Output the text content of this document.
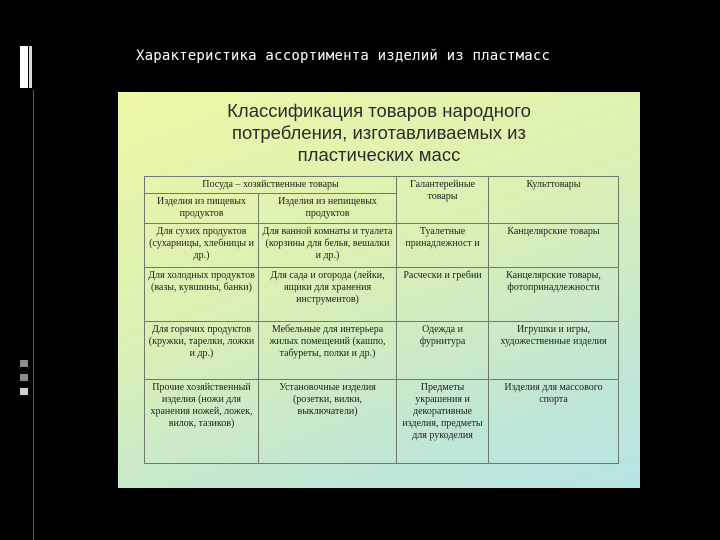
Характеристика ассортимента изделий из пластмасс
Классификация товаров народного
потребления, изготавливаемых из
пластических масс
Посуда – хозяйственные товары		Галантерейные товары	Культтовары
Изделия из пищевых продуктов	Изделия из непищевых продуктов		
Для сухих продуктов (сухарницы, хлебницы и др.)	Для ванной комнаты и туалета (корзины для белья, вешалки и др.)	Туалетные принадлежност и	Канцелярские товары
Для холодных продуктов (вазы, кувшины, банки)	Для сада и огорода (лейки, ящики для хранения инструментов)	Расчески и гребни	Канцелярские товары, фотопринадлежности
Для горячих продуктов (кружки, тарелки, ложки и др.)	Мебельные для интерьера жилых помещений (кашпо, табуреты, полки и др.)	Одежда и фурнитура	Игрушки и игры, художественные изделия
Прочие хозяйственный изделия (ножи для хранения ножей, ложек, вилок, тазиков)	Установочные изделия (розетки, вилки, выключатели)	Предметы украшения и декоративные изделия, предметы для рукоделия	Изделия для массового спорта
